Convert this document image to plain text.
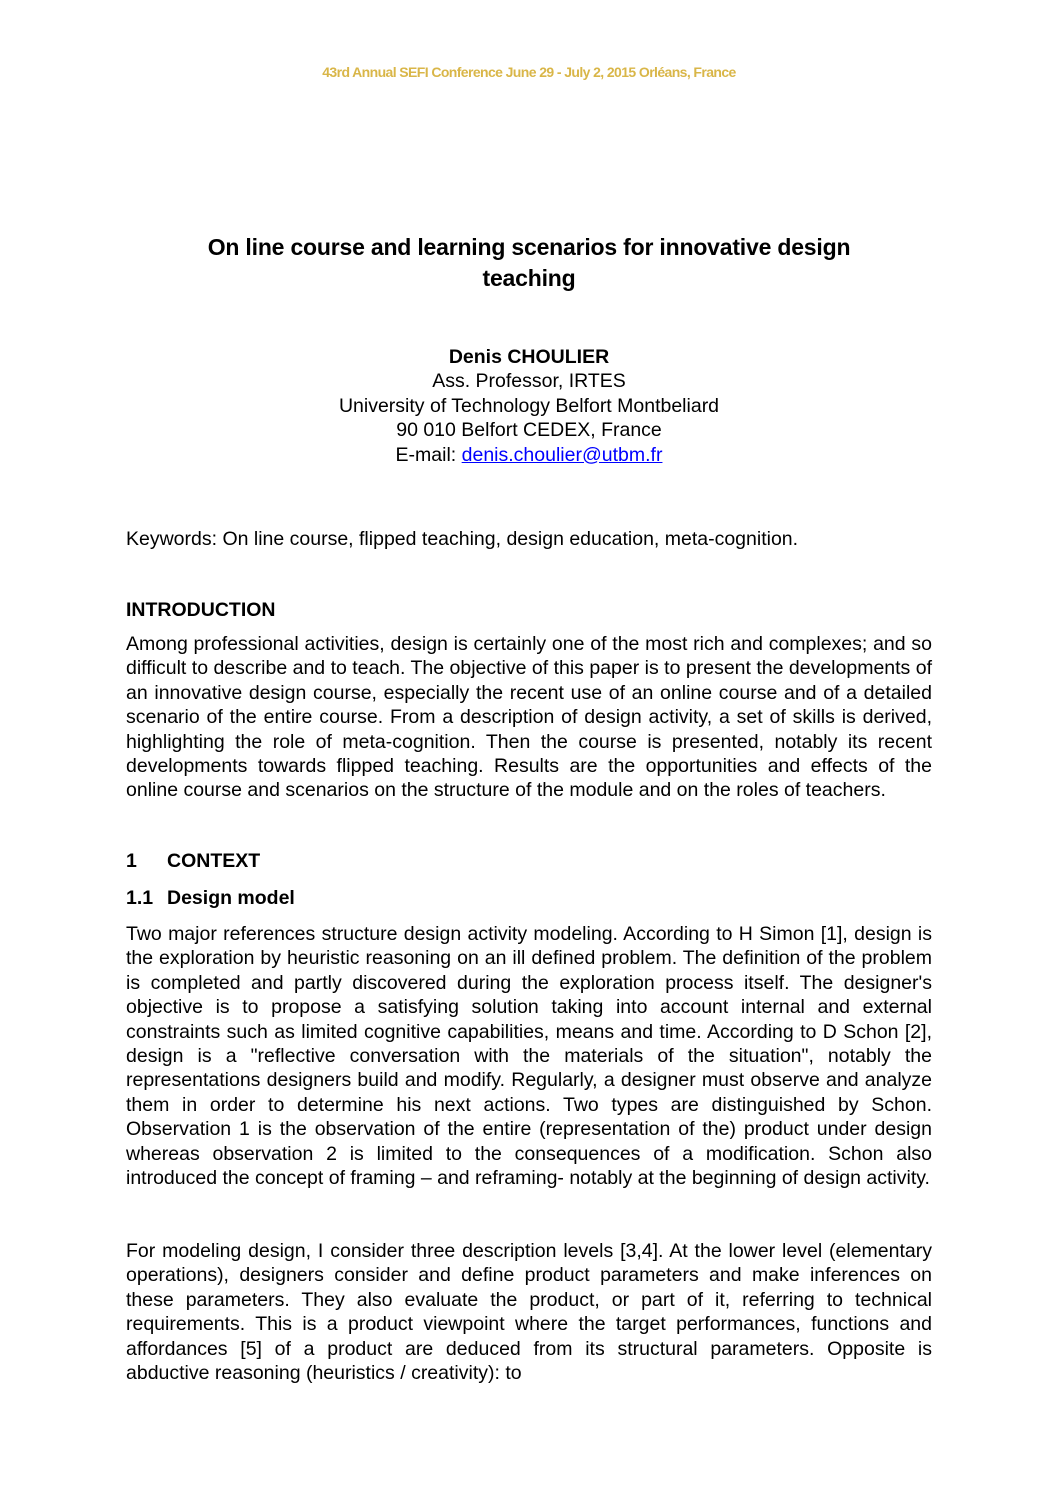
43rd Annual SEFI Conference June 29 - July 2, 2015 Orléans, France
On line course and learning scenarios for innovative design
teaching
Denis CHOULIER
Ass. Professor, IRTES
University of Technology Belfort Montbeliard
90 010 Belfort CEDEX, France
E-mail: denis.choulier@utbm.fr
Keywords: On line course, flipped teaching, design education, meta-cognition.
INTRODUCTION

Among professional activities, design is certainly one of the most rich and complexes; and so difficult to describe and to teach. The objective of this paper is to present the developments of an innovative design course, especially the recent use of an online course and of a detailed scenario of the entire course. From a description of design activity, a set of skills is derived, highlighting the role of meta-cognition. Then the course is presented, notably its recent developments towards flipped teaching. Results are the opportunities and effects of the online course and scenarios on the structure of the module and on the roles of teachers.

1 CONTEXT
1.1 Design model

Two major references structure design activity modeling. According to H Simon [1], design is the exploration by heuristic reasoning on an ill defined problem. The definition of the problem is completed and partly discovered during the exploration process itself. The designer's objective is to propose a satisfying solution taking into account internal and external constraints such as limited cognitive capabilities, means and time. According to D Schon [2], design is a "reflective conversation with the materials of the situation", notably the representations designers build and modify. Regularly, a designer must observe and analyze them in order to determine his next actions. Two types are distinguished by Schon. Observation 1 is the observation of the entire (representation of the) product under design whereas observation 2 is limited to the consequences of a modification. Schon also introduced the concept of framing – and reframing- notably at the beginning of design activity.

For modeling design, I consider three description levels [3,4]. At the lower level (elementary operations), designers consider and define product parameters and make inferences on these parameters. They also evaluate the product, or part of it, referring to technical requirements. This is a product viewpoint where the target performances, functions and affordances [5] of a product are deduced from its structural parameters. Opposite is abductive reasoning (heuristics / creativity): to
